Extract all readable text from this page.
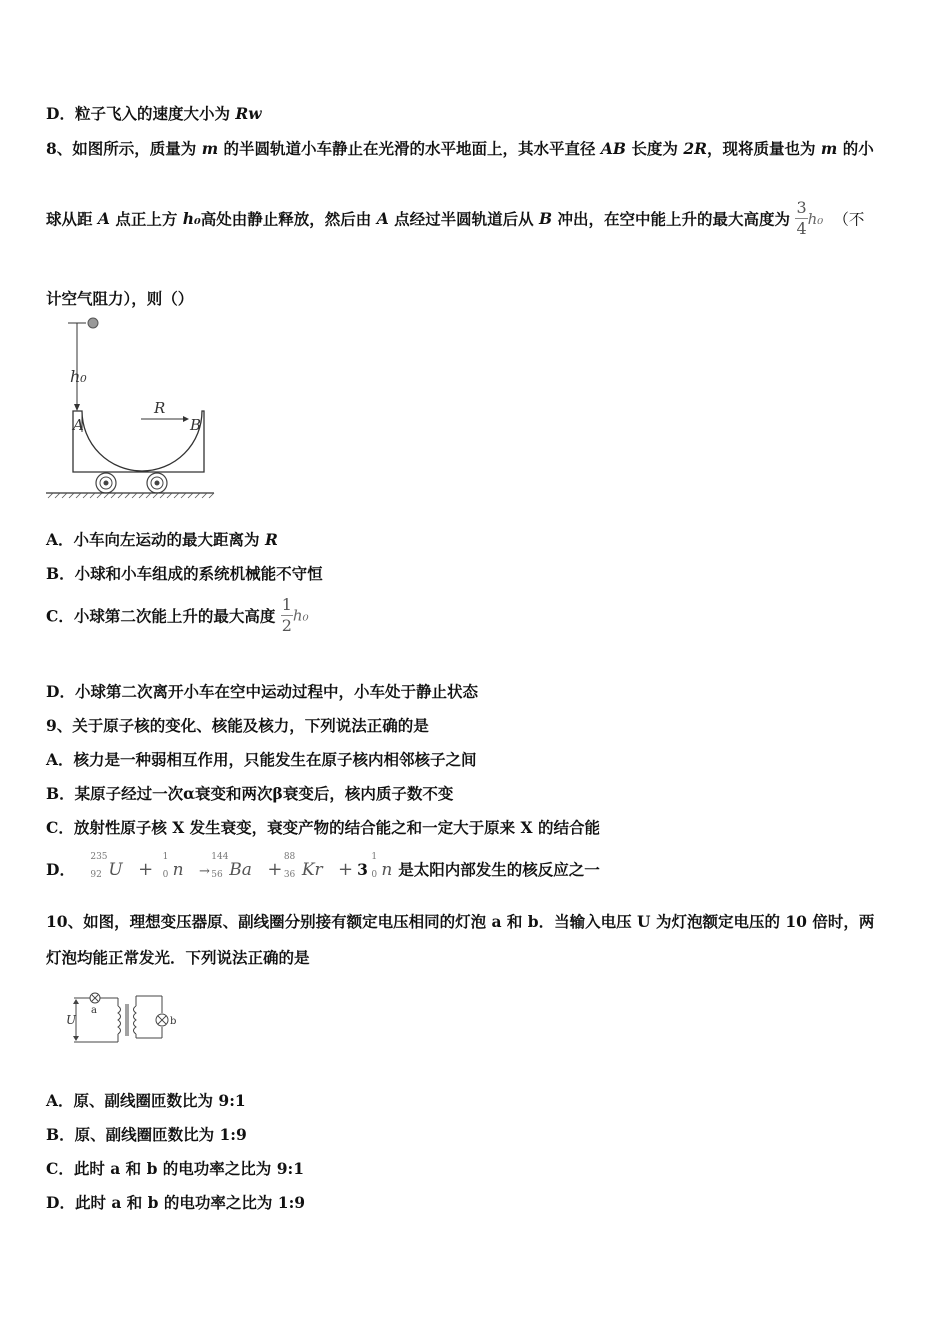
D．粒子飞入的速度大小为 Rw
8、如图所示，质量为 m 的半圆轨道小车静止在光滑的水平地面上，其水平直径 AB 长度为 2R，现将质量也为 m 的小
球从距 A 点正上方 h₀高处由静止释放，然后由 A 点经过半圆轨道后从 B 冲出，在空中能上升的最大高度为 $\frac{3}{4} h_0$ （不
计空气阻力），则（）
h₀
A	B
R
A．小车向左运动的最大距离为 R
B．小球和小车组成的系统机械能不守恒
C．小球第二次能上升的最大高度 $\frac{1}{2} h_0$
D．小球第二次离开小车在空中运动过程中，小车处于静止状态
9、关于原子核的变化、核能及核力，下列说法正确的是
A．核力是一种弱相互作用，只能发生在原子核内相邻核子之间
B．某原子经过一次α衰变和两次β衰变后，核内质子数不变
C．放射性原子核 X 发生衰变，衰变产物的结合能之和一定大于原来 X 的结合能
D．
235
92 U +
1
0 n →
144
56 Ba +
88
36 Kr + 3
1
0 n 是太阳内部发生的核反应之一
10、如图，理想变压器原、副线圈分别接有额定电压相同的灯泡 a 和 b．当输入电压 U 为灯泡额定电压的 10 倍时，两
灯泡均能正常发光．下列说法正确的是
U
a
b
A．原、副线圈匝数比为 9:1
B．原、副线圈匝数比为 1:9
C．此时 a 和 b 的电功率之比为 9:1
D．此时 a 和 b 的电功率之比为 1:9
